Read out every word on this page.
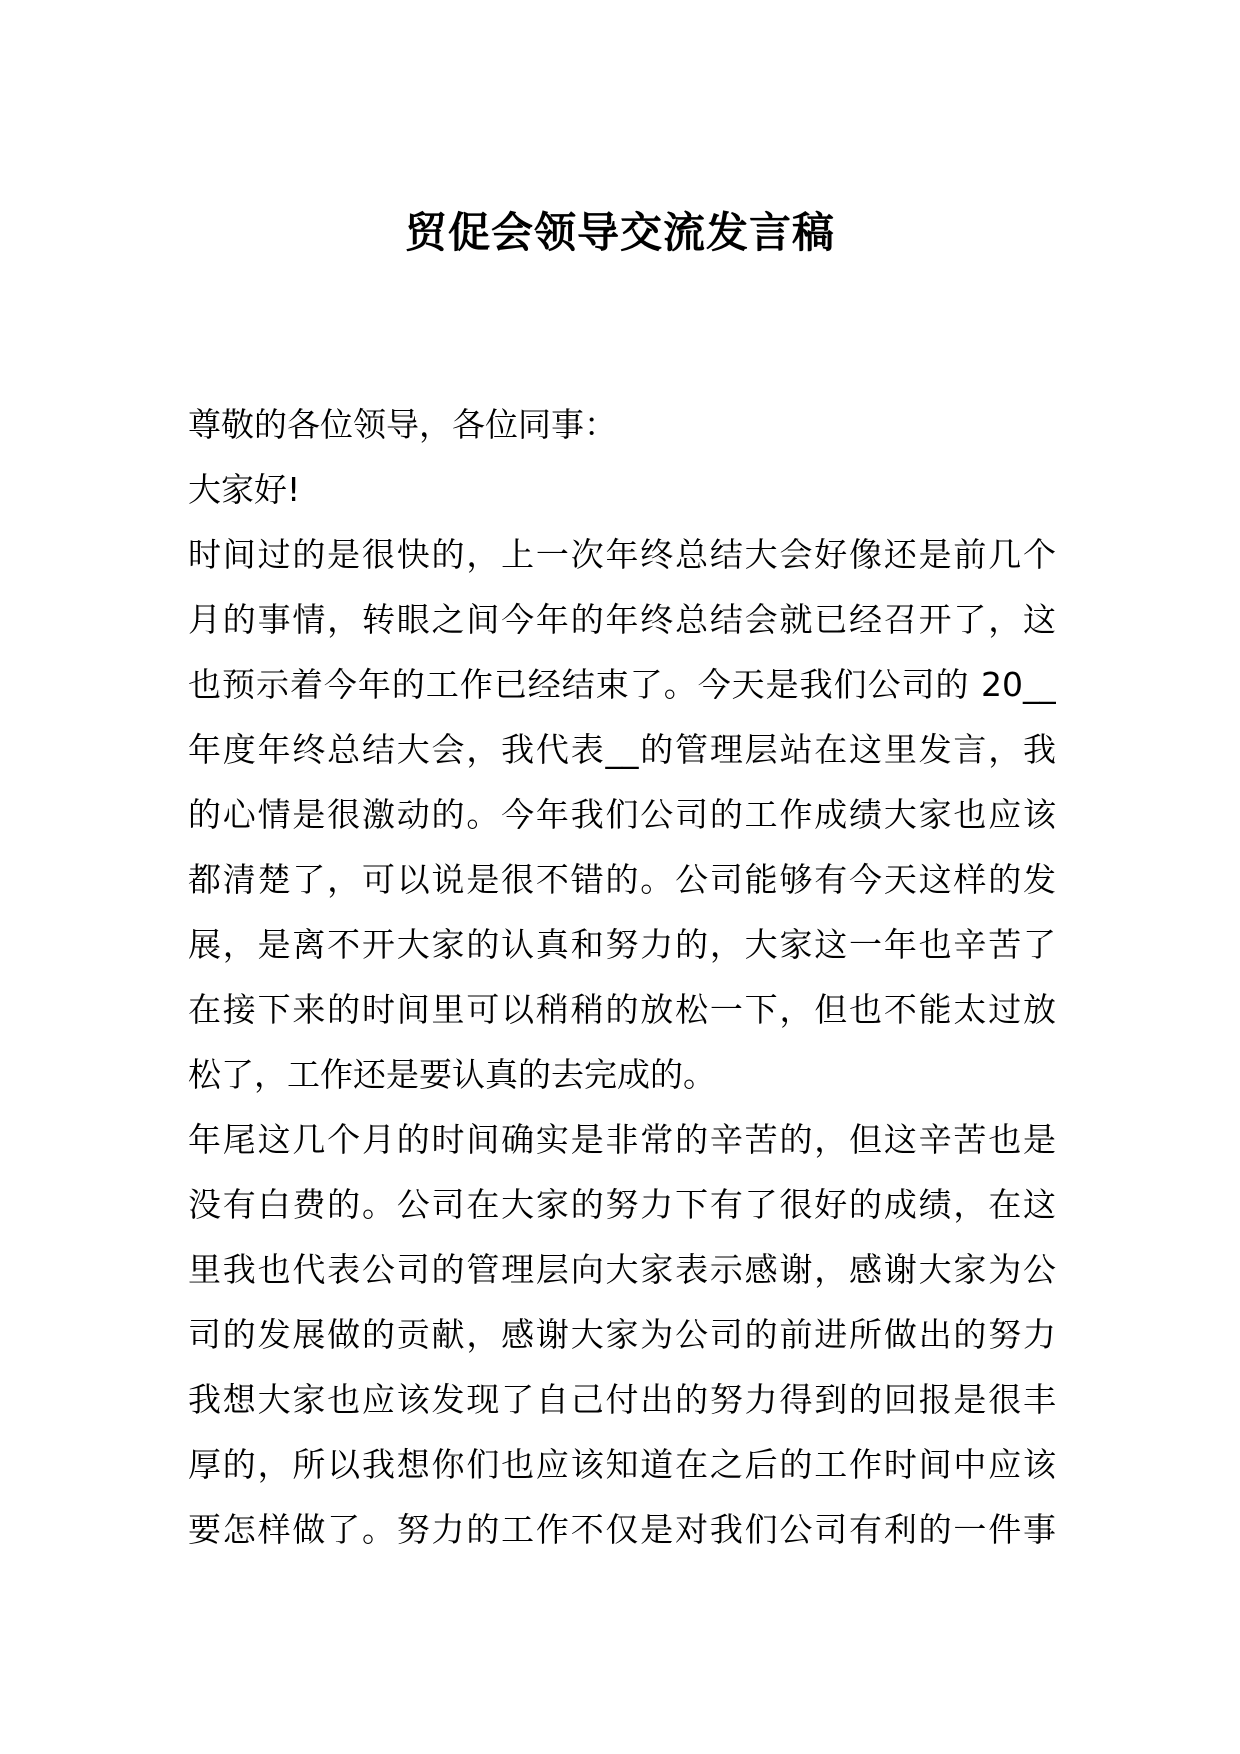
贸促会领导交流发言稿
尊敬的各位领导，各位同事：
大家好!
时间过的是很快的，上一次年终总结大会好像还是前几个
月的事情，转眼之间今年的年终总结会就已经召开了，这
也预示着今年的工作已经结束了。今天是我们公司的 20__
年度年终总结大会，我代表__的管理层站在这里发言，我
的心情是很激动的。今年我们公司的工作成绩大家也应该
都清楚了，可以说是很不错的。公司能够有今天这样的发
展，是离不开大家的认真和努力的，大家这一年也辛苦了
在接下来的时间里可以稍稍的放松一下，但也不能太过放
松了，工作还是要认真的去完成的。
年尾这几个月的时间确实是非常的辛苦的，但这辛苦也是
没有白费的。公司在大家的努力下有了很好的成绩，在这
里我也代表公司的管理层向大家表示感谢，感谢大家为公
司的发展做的贡献，感谢大家为公司的前进所做出的努力
我想大家也应该发现了自己付出的努力得到的回报是很丰
厚的，所以我想你们也应该知道在之后的工作时间中应该
要怎样做了。努力的工作不仅是对我们公司有利的一件事
